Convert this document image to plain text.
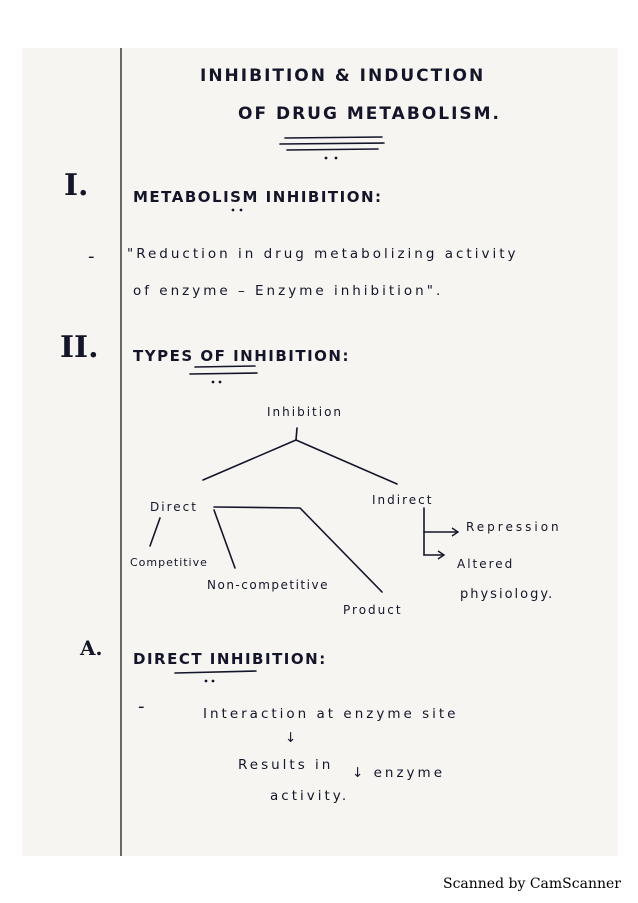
INHIBITION & INDUCTION
OF DRUG METABOLISM.
I.	METABOLISM INHIBITION:
- "Reduction in drug metabolizing activity
of enzyme – Enzyme inhibition".
II. TYPES OF INHIBITION:
Inhibition
Direct	Indirect
Competitive
Non-competitive
Product
Repression
Altered
physiology.
A. DIRECT INHIBITION:
-	Interaction at enzyme site
↓
Results in ↓ enzyme
activity.
Scanned by CamScanner
